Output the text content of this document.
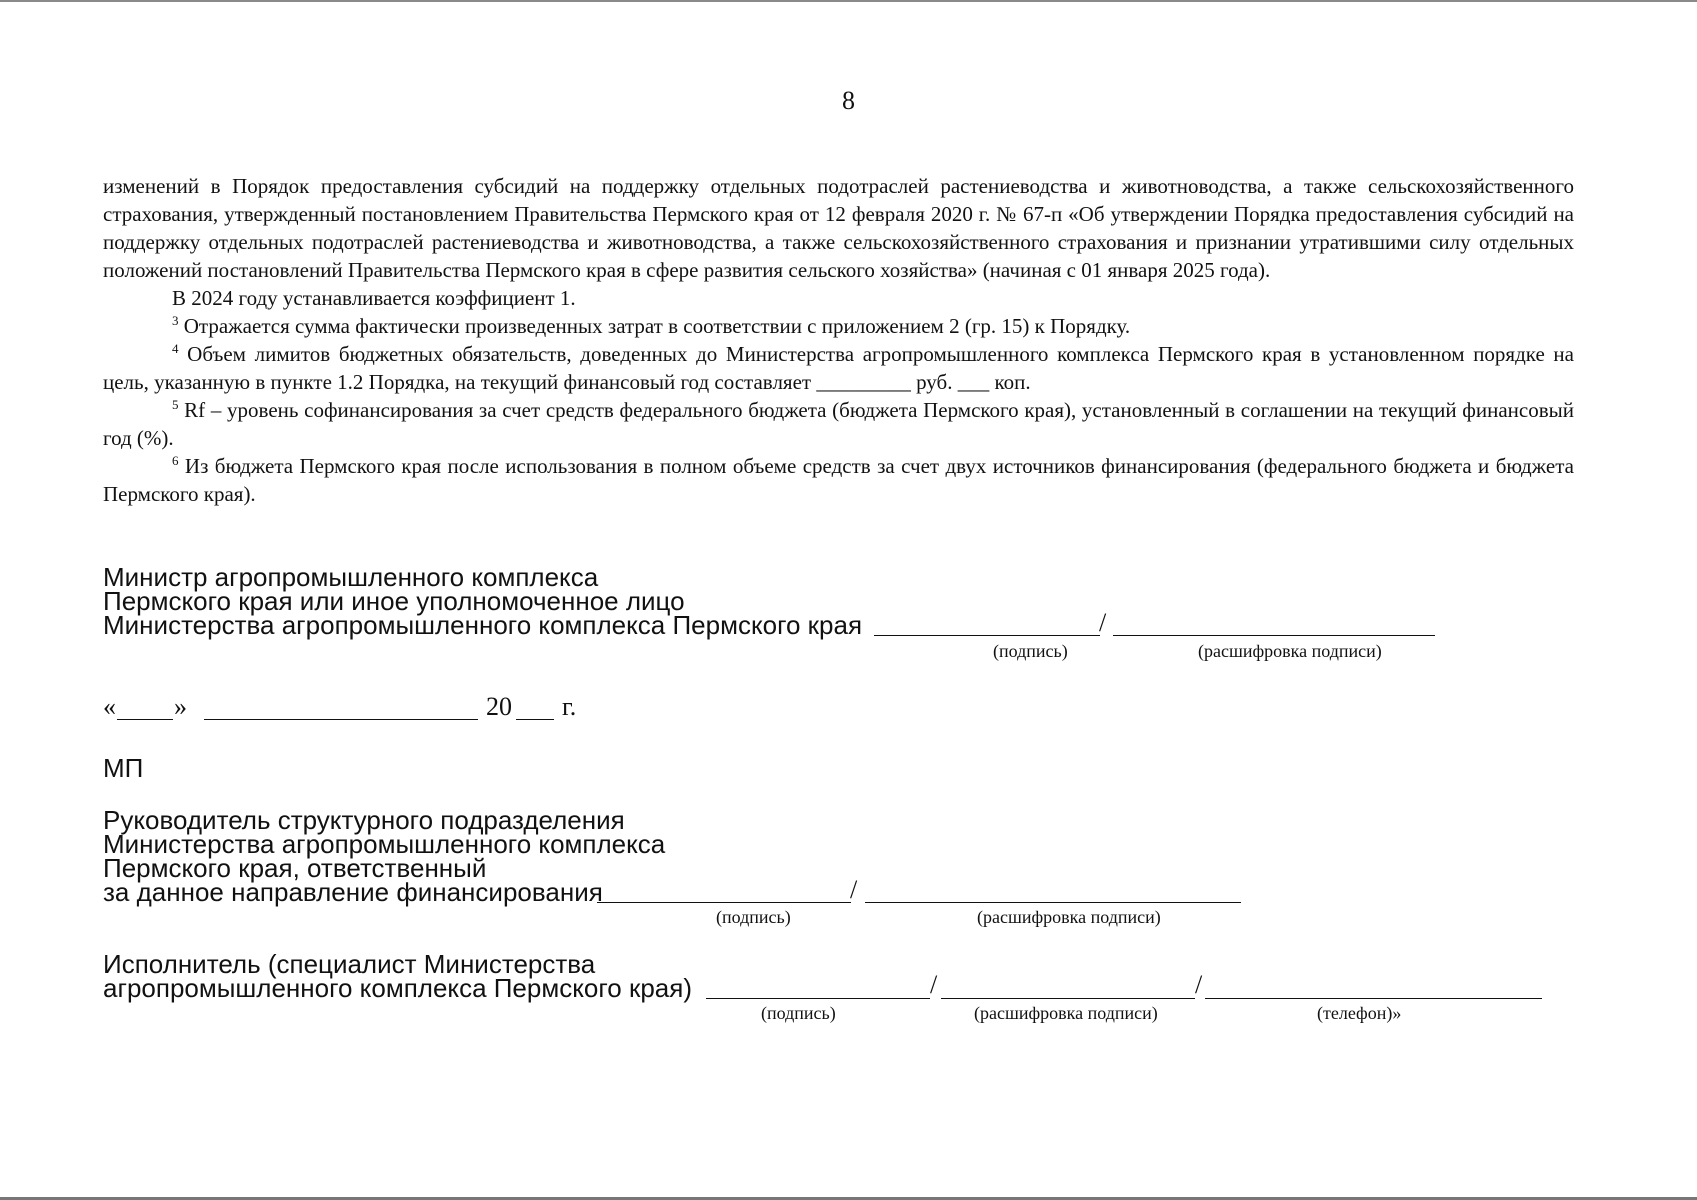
8

изменений в Порядок предоставления субсидий на поддержку отдельных подотраслей растениеводства и животноводства, а также сельскохозяйственного страхования, утвержденный постановлением Правительства Пермского края от 12 февраля 2020 г. № 67-п «Об утверждении Порядка предоставления субсидий на поддержку отдельных подотраслей растениеводства и животноводства, а также сельскохозяйственного страхования и признании утратившими силу отдельных положений постановлений Правительства Пермского края в сфере развития сельского хозяйства» (начиная с 01 января 2025 года).

В 2024 году устанавливается коэффициент 1.

$^3$ Отражается сумма фактически произведенных затрат в соответствии с приложением 2 (гр. 15) к Порядку.

$^4$ Объем лимитов бюджетных обязательств, доведенных до Министерства агропромышленного комплекса Пермского края в установленном порядке на цель, указанную в пункте 1.2 Порядка, на текущий финансовый год составляет _________ руб. ___ коп.

$^5$ Rf – уровень софинансирования за счет средств федерального бюджета (бюджета Пермского края), установленный в соглашении на текущий финансовый год (%).

$^6$ Из бюджета Пермского края после использования в полном объеме средств за счет двух источников финансирования (федерального бюджета и бюджета Пермского края).

Министр агропромышленного комплекса
Пермского края или иное уполномоченное лицо
Министерства агропромышленного комплекса Пермского края	/
(подпись)	(расшифровка подписи)
« »	20 г.
МП
Руководитель структурного подразделения
Министерства агропромышленного комплекса
Пермского края, ответственный
за данное направление финансирования	/
(подпись)	(расшифровка подписи)
Исполнитель (специалист Министерства
агропромышленного комплекса Пермского края)	/	/
(подпись)	(расшифровка подписи)	(телефон)»
